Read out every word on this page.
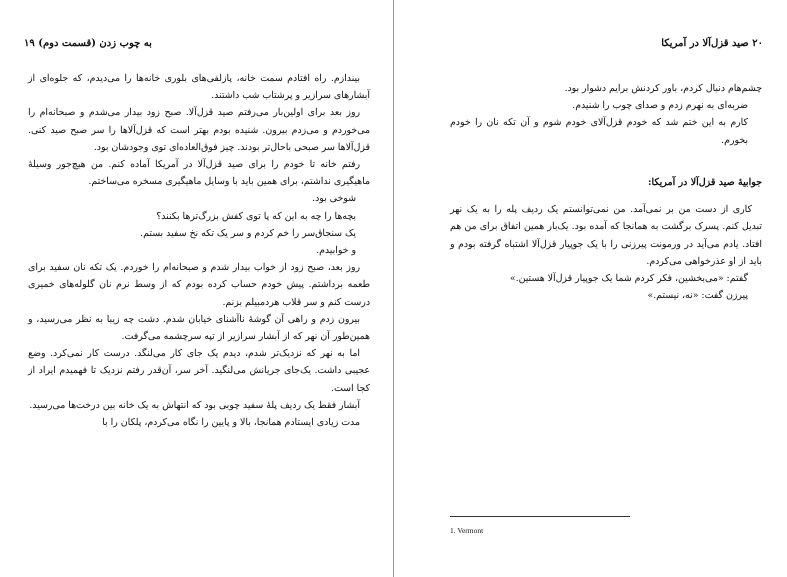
به چوب زدن (قسمت دوم) ۱۹

بیندازم. راه افتادم سمت خانه، پازلفی‌های بلوری خانه‌ها را می‌دیدم، که جلوه‌ای از آبشارهای سرازیر و پرشتاب شب داشتند.

روز بعد برای اولین‌بار می‌رفتم صید قزل‌آلا. صبح زود بیدار می‌شدم و صبحانه‌ام را می‌خوردم و می‌زدم بیرون. شنیده بودم بهتر است که قزل‌آلاها را سر صبح صید کنی. قزل‌آلاها سر صبحی باحال‌تر بودند. چیز فوق‌العاده‌ای توی وجودشان بود.

رفتم خانه تا خودم را برای صید قزل‌آلا در آمریکا آماده کنم. من هیچ‌جور وسیلهٔ ماهیگیری نداشتم، برای همین باید با وسایل ماهیگیری مسخره می‌ساختم.

شوخی بود.

بچه‌ها را چه به این که پا توی کفش بزرگ‌ترها بکنند؟

یک سنجاق‌سر را خم کردم و سر یک تکه نخ سفید بستم.

و خوابیدم.

روز بعد، صبح زود از خواب بیدار شدم و صبحانه‌ام را خوردم. یک تکه نان سفید برای طعمه برداشتم. پیش خودم حساب کرده بودم که از وسط نرم نان گلوله‌های خمیری درست کنم و سر قلاب هردمبیلم بزنم.

بیرون زدم و راهی آن گوشهٔ ناآشنای خیابان شدم. دشت چه زیبا به نظر می‌رسید، و همین‌طور آن نهر که از آبشار سرازیر از تپه سرچشمه می‌گرفت.

اما به نهر که نزدیک‌تر شدم، دیدم یک جای کار می‌لنگد. درست کار نمی‌کرد. وضع عجیبی داشت. یک‌جای جریانش می‌لنگید. آخر سر، آن‌قدر رفتم نزدیک تا فهمیدم ایراد از کجا است.

آبشار فقط یک ردیف پلهٔ سفید چوبی بود که انتهاش به یک خانه بین درخت‌ها می‌رسید.

مدت زیادی ایستادم همانجا، بالا و پایین را نگاه می‌کردم، پلکان را با

۲۰ صید قزل‌آلا در آمریکا

چشم‌هام دنبال کردم، باور کردنش برایم دشوار بود.

ضربه‌ای به نهرم زدم و صدای چوب را شنیدم.

کارم به این ختم شد که خودم قزل‌آلای خودم شوم و آن تکه نان را خودم بخورم.

جوابیهٔ صید قزل‌آلا در آمریکا:

کاری از دست من بر نمی‌آمد. من نمی‌توانستم یک ردیف پله را به یک نهر تبدیل کنم. پسرک برگشت به همانجا که آمده بود. یک‌بار همین اتفاق برای من هم افتاد. یادم می‌آید در ورمونت پیرزنی را با یک جوپیار قزل‌آلا اشتباه گرفته بودم و باید از او عذرخواهی می‌کردم.

گفتم: «می‌بخشین، فکر کردم شما یک جوپیار قزل‌آلا هستین.»

پیرزن گفت: «نه، نیستم.»

1. Vermont
